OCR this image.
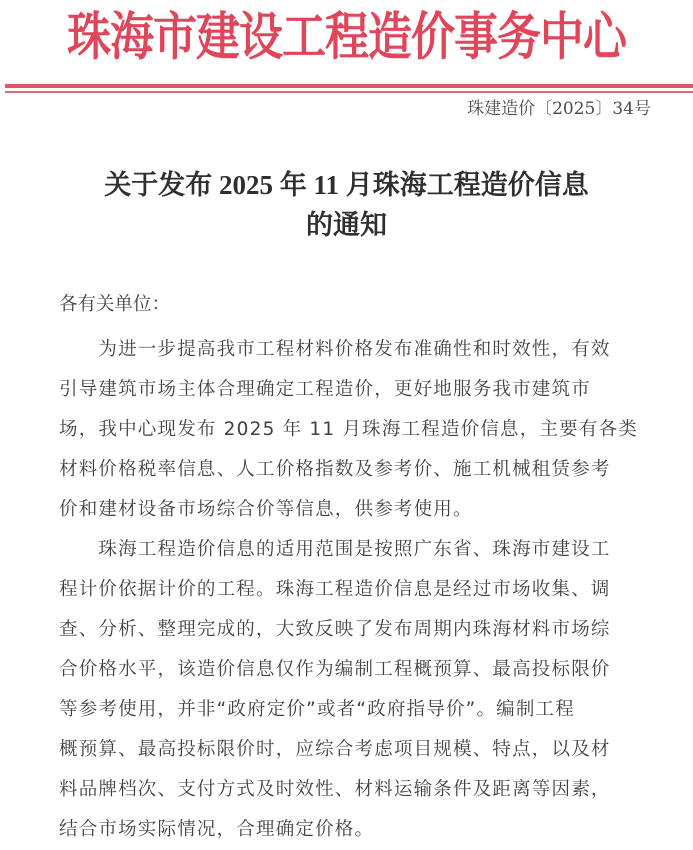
珠海市建设工程造价事务中心
珠建造价〔2025〕34号
关于发布 2025 年 11 月珠海工程造价信息
的通知
各有关单位：
　　为进一步提高我市工程材料价格发布准确性和时效性，有效
引导建筑市场主体合理确定工程造价，更好地服务我市建筑市
场，我中心现发布 2025 年 11 月珠海工程造价信息，主要有各类
材料价格税率信息、人工价格指数及参考价、施工机械租赁参考
价和建材设备市场综合价等信息，供参考使用。
　　珠海工程造价信息的适用范围是按照广东省、珠海市建设工
程计价依据计价的工程。珠海工程造价信息是经过市场收集、调
查、分析、整理完成的，大致反映了发布周期内珠海材料市场综
合价格水平，该造价信息仅作为编制工程概预算、最高投标限价
等参考使用，并非“政府定价”或者“政府指导价”。编制工程
概预算、最高投标限价时，应综合考虑项目规模、特点，以及材
料品牌档次、支付方式及时效性、材料运输条件及距离等因素，
结合市场实际情况，合理确定价格。
